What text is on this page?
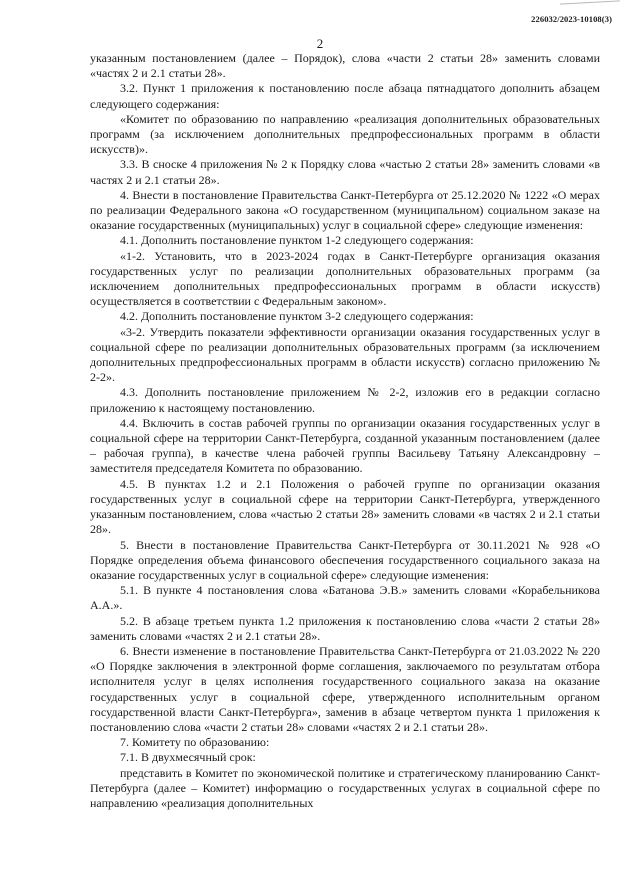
226032/2023-10108(3)
2

указанным постановлением (далее – Порядок), слова «части 2 статьи 28» заменить словами «частях 2 и 2.1 статьи 28».

3.2. Пункт 1 приложения к постановлению после абзаца пятнадцатого дополнить абзацем следующего содержания:

«Комитет по образованию по направлению «реализация дополнительных образовательных программ (за исключением дополнительных предпрофессиональных программ в области искусств)».

3.3. В сноске 4 приложения № 2 к Порядку слова «частью 2 статьи 28» заменить словами «в частях 2 и 2.1 статьи 28».

4. Внести в постановление Правительства Санкт-Петербурга от 25.12.2020 № 1222 «О мерах по реализации Федерального закона «О государственном (муниципальном) социальном заказе на оказание государственных (муниципальных) услуг в социальной сфере» следующие изменения:

4.1. Дополнить постановление пунктом 1-2 следующего содержания:

«1-2. Установить, что в 2023-2024 годах в Санкт-Петербурге организация оказания государственных услуг по реализации дополнительных образовательных программ (за исключением дополнительных предпрофессиональных программ в области искусств) осуществляется в соответствии с Федеральным законом».

4.2. Дополнить постановление пунктом 3-2 следующего содержания:

«3-2. Утвердить показатели эффективности организации оказания государственных услуг в социальной сфере по реализации дополнительных образовательных программ (за исключением дополнительных предпрофессиональных программ в области искусств) согласно приложению № 2-2».

4.3. Дополнить постановление приложением № 2-2, изложив его в редакции согласно приложению к настоящему постановлению.

4.4. Включить в состав рабочей группы по организации оказания государственных услуг в социальной сфере на территории Санкт-Петербурга, созданной указанным постановлением (далее – рабочая группа), в качестве члена рабочей группы Васильеву Татьяну Александровну – заместителя председателя Комитета по образованию.

4.5. В пунктах 1.2 и 2.1 Положения о рабочей группе по организации оказания государственных услуг в социальной сфере на территории Санкт-Петербурга, утвержденного указанным постановлением, слова «частью 2 статьи 28» заменить словами «в частях 2 и 2.1 статьи 28».

5. Внести в постановление Правительства Санкт-Петербурга от 30.11.2021 № 928 «О Порядке определения объема финансового обеспечения государственного социального заказа на оказание государственных услуг в социальной сфере» следующие изменения:

5.1. В пункте 4 постановления слова «Батанова Э.В.» заменить словами «Корабельникова А.А.».

5.2. В абзаце третьем пункта 1.2 приложения к постановлению слова «части 2 статьи 28» заменить словами «частях 2 и 2.1 статьи 28».

6. Внести изменение в постановление Правительства Санкт-Петербурга от 21.03.2022 № 220 «О Порядке заключения в электронной форме соглашения, заключаемого по результатам отбора исполнителя услуг в целях исполнения государственного социального заказа на оказание государственных услуг в социальной сфере, утвержденного исполнительным органом государственной власти Санкт-Петербурга», заменив в абзаце четвертом пункта 1 приложения к постановлению слова «части 2 статьи 28» словами «частях 2 и 2.1 статьи 28».

7. Комитету по образованию:

7.1. В двухмесячный срок:

представить в Комитет по экономической политике и стратегическому планированию Санкт-Петербурга (далее – Комитет) информацию о государственных услугах в социальной сфере по направлению «реализация дополнительных
